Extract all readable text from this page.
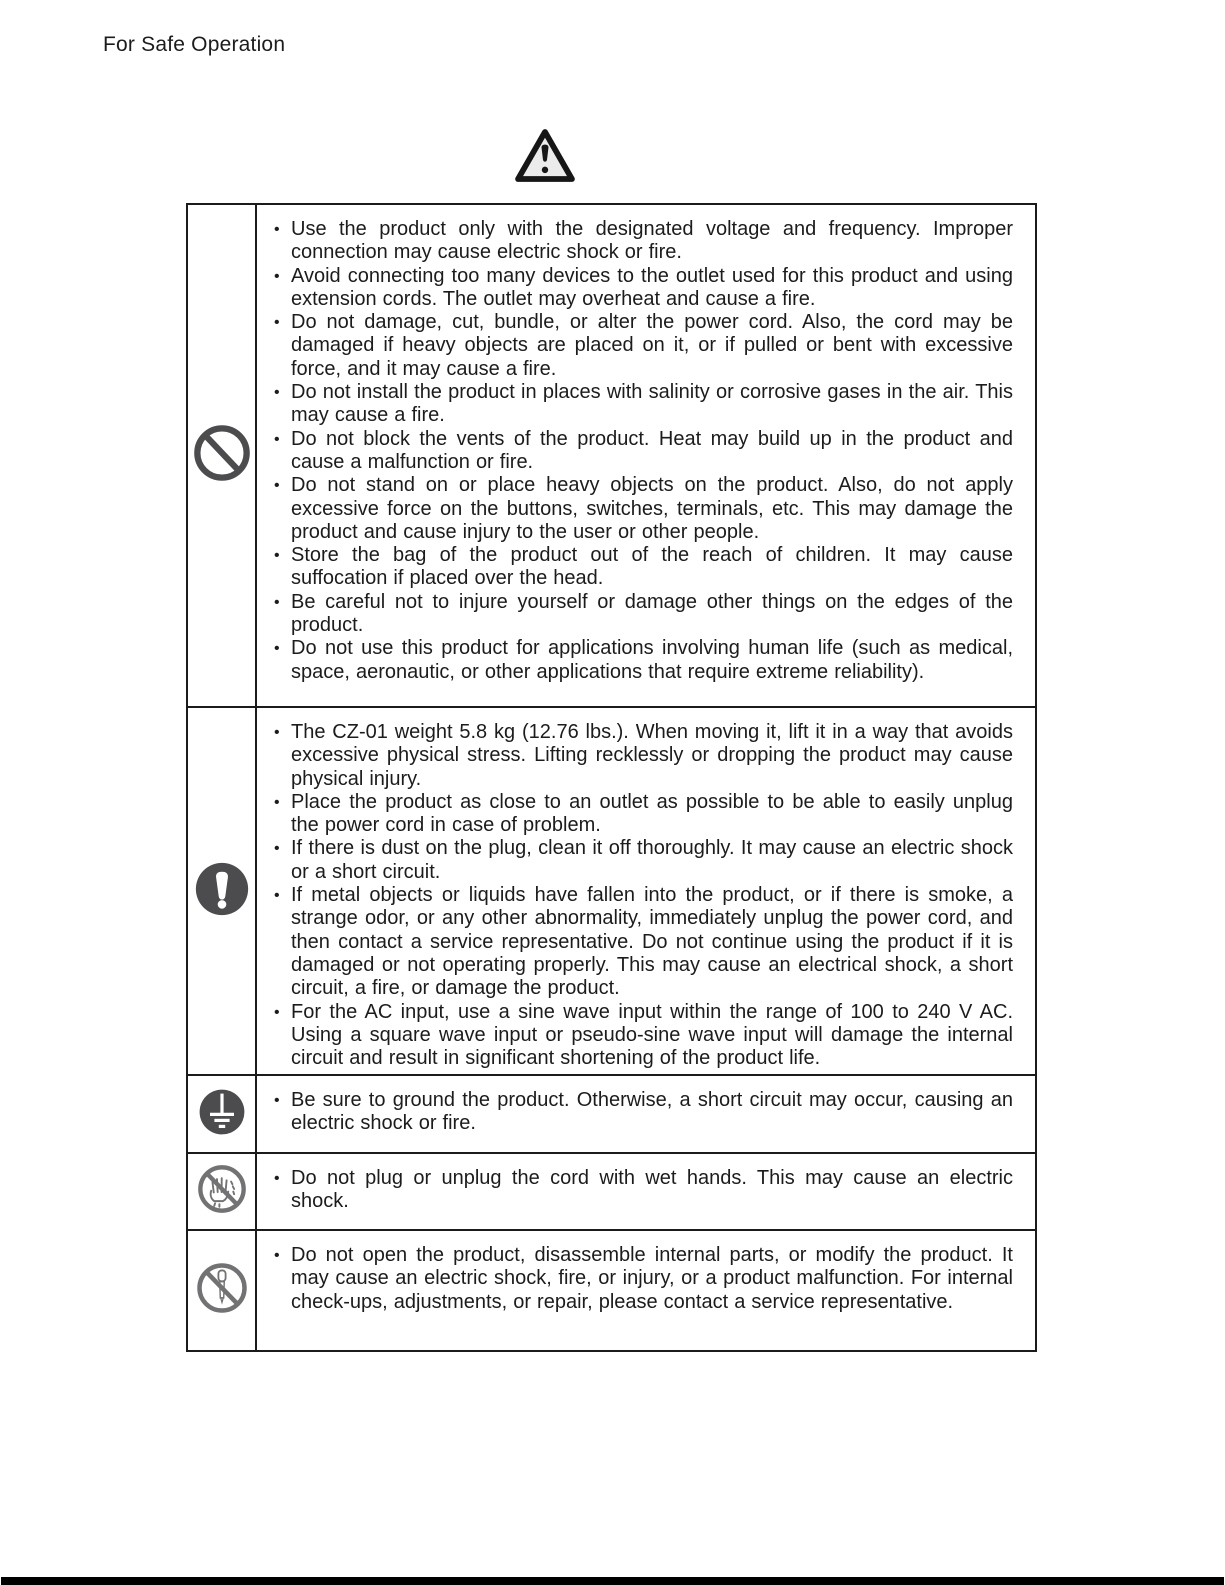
For Safe Operation
• Use the product only with the designated voltage and frequency. Improper connection may cause electric shock or fire.
• Avoid connecting too many devices to the outlet used for this product and using extension cords. The outlet may overheat and cause a fire.
• Do not damage, cut, bundle, or alter the power cord. Also, the cord may be damaged if heavy objects are placed on it, or if pulled or bent with excessive force, and it may cause a fire.
• Do not install the product in places with salinity or corrosive gases in the air. This may cause a fire.
• Do not block the vents of the product. Heat may build up in the product and cause a malfunction or fire.
• Do not stand on or place heavy objects on the product. Also, do not apply excessive force on the buttons, switches, terminals, etc. This may damage the product and cause injury to the user or other people.
• Store the bag of the product out of the reach of children. It may cause suffocation if placed over the head.
• Be careful not to injure yourself or damage other things on the edges of the product.
• Do not use this product for applications involving human life (such as medical, space, aeronautic, or other applications that require extreme reliability).
• The CZ-01 weight 5.8 kg (12.76 lbs.). When moving it, lift it in a way that avoids excessive physical stress. Lifting recklessly or dropping the product may cause physical injury.
• Place the product as close to an outlet as possible to be able to easily unplug the power cord in case of problem.
• If there is dust on the plug, clean it off thoroughly. It may cause an electric shock or a short circuit.
• If metal objects or liquids have fallen into the product, or if there is smoke, a strange odor, or any other abnormality, immediately unplug the power cord, and then contact a service representative. Do not continue using the product if it is damaged or not operating properly. This may cause an electrical shock, a short circuit, a fire, or damage the product.
• For the AC input, use a sine wave input within the range of 100 to 240 V AC. Using a square wave input or pseudo-sine wave input will damage the internal circuit and result in significant shortening of the product life.
• Be sure to ground the product. Otherwise, a short circuit may occur, causing an electric shock or fire.
• Do not plug or unplug the cord with wet hands. This may cause an electric shock.
• Do not open the product, disassemble internal parts, or modify the product. It may cause an electric shock, fire, or injury, or a product malfunction. For internal check-ups, adjustments, or repair, please contact a service representative.
